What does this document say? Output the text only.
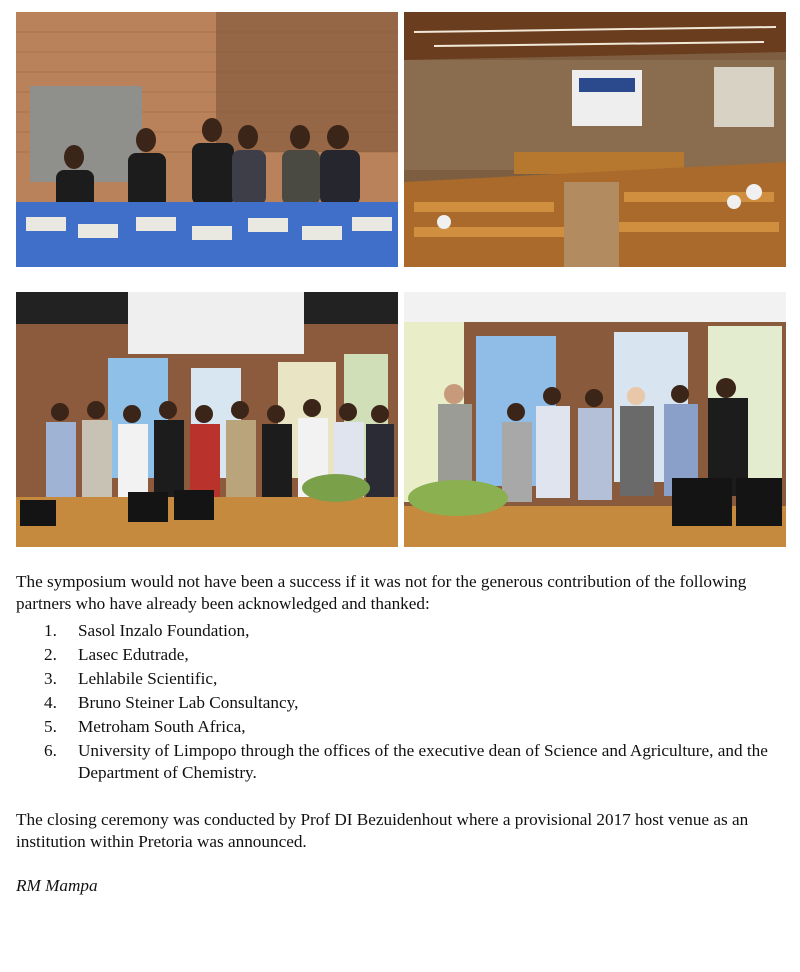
The symposium would not have been a success if it was not for the generous contribution of the following partners who have already been acknowledged and thanked:
1. Sasol Inzalo Foundation,
2. Lasec Edutrade,
3. Lehlabile Scientific,
4. Bruno Steiner Lab Consultancy,
5. Metroham South Africa,
6. University of Limpopo through the offices of the executive dean of Science and Agriculture, and the Department of Chemistry.
The closing ceremony was conducted by Prof DI Bezuidenhout where a provisional 2017 host venue as an institution within Pretoria was announced.
RM Mampa
